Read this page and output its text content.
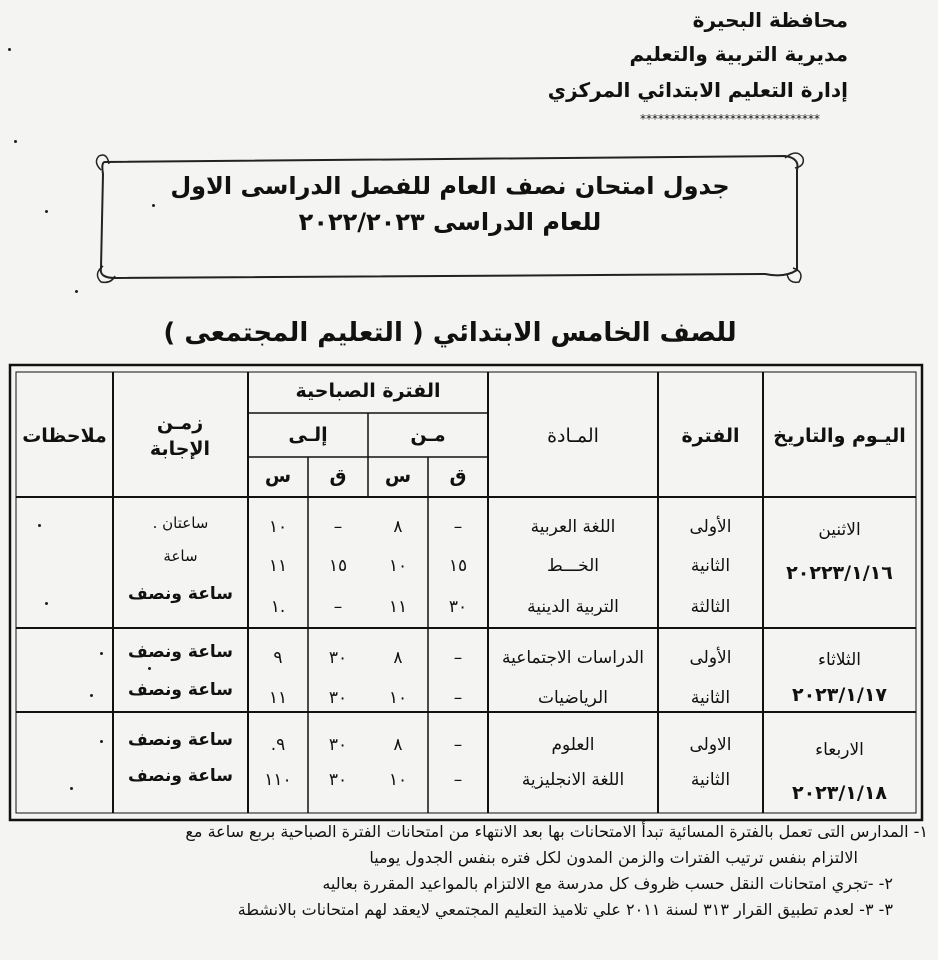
محافظة البحيرة
مديرية التربية والتعليم
إدارة التعليم الابتدائي المركزي
******************************
جدول امتحان نصف العام للفصل الدراسى الاول
للعام الدراسى ٢٠٢٢/٢٠٢٣
للصف الخامس الابتدائي ( التعليم المجتمعى )
اليـوم والتاريخ
الفترة
المـادة
الفترة الصباحية
مـن
إلـى
ق
س
ق
س
زمـن الإجابة
ملاحظات
الاثنين
٢٠٢٢٣/١/١٦
الأولى
اللغة العربية
–
٨
–
١٠
ساعتان .
الثانية
الخـــط
١٥
١٠
١٥
١١
ساعة
الثالثة
التربية الدينية
٣٠
١١
–
.١
ساعة ونصف
الثلاثاء
٢٠٢٣/١/١٧
الأولى
الدراسات الاجتماعية
–
٨
٣٠
٩
ساعة ونصف
الثانية
الرياضيات
–
١٠
٣٠
١١
ساعة ونصف
الاربعاء
٢٠٢٣/١/١٨
الاولى
العلوم
–
٨
٣٠
٩.
ساعة ونصف
الثانية
اللغة الانجليزية
–
١٠
٣٠
١١٠
ساعة ونصف
١- المدارس التى تعمل بالفترة المسائية تبدأ الامتحانات بها بعد الانتهاء من امتحانات الفترة الصباحية بربع ساعة مع
الالتزام بنفس ترتيب الفترات والزمن المدون لكل فتره بنفس الجدول يوميا
٢- -تجري امتحانات النقل حسب ظروف كل مدرسة مع الالتزام بالمواعيد المقررة بعاليه
٣- ٣- لعدم تطبيق القرار ٣١٣ لسنة ٢٠١١ علي تلاميذ التعليم المجتمعي لايعقد لهم امتحانات بالانشطة
